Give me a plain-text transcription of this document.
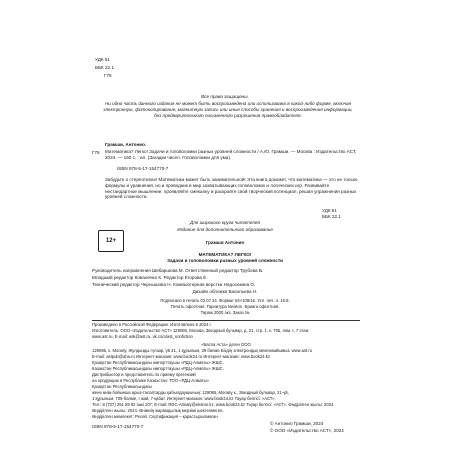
УДК 51
ББК 22.1
Г76
Все права защищены.
Ни одна часть данного издания не может быть воспроизведена или использована в какой-либо форме, включая электронную, фотокопирование, магнитную запись или иные способы хранения и воспроизведения информации, без предварительного письменного разрешения правообладателя.
Грамши, Антонио.
Г76 Математика? Легко! Задачи и головоломки разных уровней сложности / А.Ю. Грамши. — Москва : Издательство АСТ, 2024. — 160 с. : ил. (Загадки чисел. Головоломки для ума).
ISBN 978-5-17-154770-7
Забудьте о стереотипах! Математика может быть занимательной! Эта книга докажет, что математика — это не только формулы и уравнения, но и проводник в мир захватывающих головоломок и логических игр. Развивайте нестандартное мышление, проявляйте смекалку и раскройте свой творческий потенциал, решая упражнения разных уровней сложности.
УДК 51
ББК 22.1
Для широкого круга читателей
Издание для дополнительного образования
12+	Грамши Антонио
МАТЕМАТИКА? ЛЕГКО!
Задачи и головоломки разных уровней сложности
Руководитель направления Шебаршова М. Ответственный редактор Трубова В.
Младший редактор Коваленко К. Редактор Егорова Е.
Технический редактор Чернышова Н. Компьютерная верстка Недосекина О.
Дизайн обложки Васильева Н.
Подписано в печать 03.07.24. Формат 84×108/16. Усл. печ. л. 16.8.
Печать офсетная. Гарнитура Newton. Бумага офсетная.
Тираж 2000 экз. Заказ №
Произведено в Российской Федерации. Изготовлено в 2024 г.
Изготовитель: ООО «Издательство АСТ» 129085, Москва, Звездный бульвар, д. 21, стр. 1, к. 705, пом. I, 7 этаж
www.ast.ru, E-mail: ask@ast.ru, vk.com/ast_nonfiction
«Баспа Аста» деген ООО
129085, к. Москву, Жулдызды гүлзар, үй 21, 1 құрылым, 39 бөлме Біздің электрондық мекенжайымыз: www.ast.ru
E-mail: astpub@aha.ru Интернет-магазин: www.book24.ru Интернет-магазин: www.book24.kz
Қазақстан Республикасындағы импорттаушы «РДЦ-Алматы» ЖШС.
Казакстан Республикасындағы импорттаушы «РДЦ-Алматы» ЖШС.
Дистрибьютор и представитель по приему претензий
на продукцию в Республике Казахстан: ТОО «РДЦ-Алматы»
Қазақстан Республикасындағы
жене өнім бойынша арыз-талаптарды қабылдаушының: 129085, Москву к., Звездный бульвар, 21-үй,
1 құрылым, 705-бөлме, I жай, 7-қабат. Интернет-магазин: www.book24.kz Тауар белгісі: «АСТ».
Тел.: 8 (727) 251 59 92 ішкі 107; E-mail: RDC-Almaty@eksmo.kz, www.book24.kz Тауар белгісі: «АСТ». Өндірілген жылы: 2024.
Өндірілген жылы: 2024. Өнімнің жарамдылық мерзімі шектелмеген.
Өндірілген мемлекет: Ресей. Сертификация – қарастырылмаған
ISBN 978-5-17-154770-7
© Антонио Грамши, 2024
© ООО «Издательство АСТ», 2024
